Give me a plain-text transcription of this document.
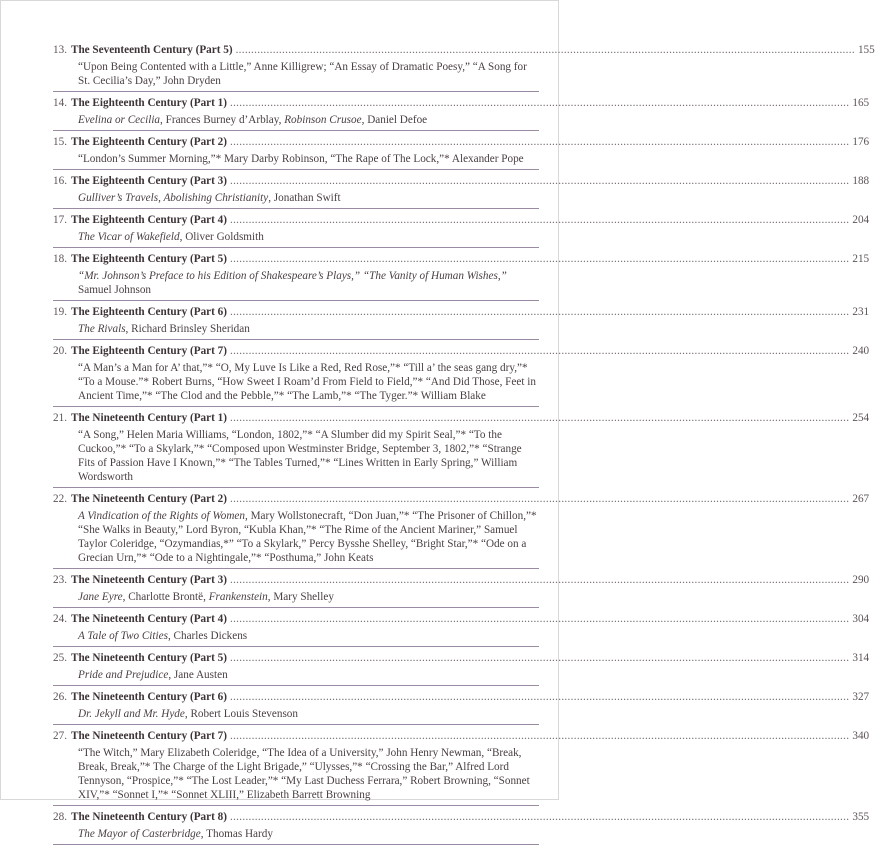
13. The Seventeenth Century (Part 5) ........................................................................................................................................................................................................ 155
“Upon Being Contented with a Little,” Anne Killigrew; “An Essay of Dramatic Poesy,” “A Song for St. Cecilia’s Day,” John Dryden
14. The Eighteenth Century (Part 1) ........................................................................................................................................................................................................ 165
Evelina or Cecilia, Frances Burney d’Arblay, Robinson Crusoe, Daniel Defoe
15. The Eighteenth Century (Part 2) ........................................................................................................................................................................................................ 176
“London’s Summer Morning,”* Mary Darby Robinson, “The Rape of The Lock,”* Alexander Pope
16. The Eighteenth Century (Part 3) ........................................................................................................................................................................................................ 188
Gulliver’s Travels, Abolishing Christianity, Jonathan Swift
17. The Eighteenth Century (Part 4) ........................................................................................................................................................................................................ 204
The Vicar of Wakefield, Oliver Goldsmith
18. The Eighteenth Century (Part 5) ........................................................................................................................................................................................................ 215
“Mr. Johnson’s Preface to his Edition of Shakespeare’s Plays,” “The Vanity of Human Wishes,” Samuel Johnson
19. The Eighteenth Century (Part 6) ........................................................................................................................................................................................................ 231
The Rivals, Richard Brinsley Sheridan
20. The Eighteenth Century (Part 7) ........................................................................................................................................................................................................ 240
“A Man’s a Man for A’ that,”* “O, My Luve Is Like a Red, Red Rose,”* “Till a’ the seas gang dry,”* “To a Mouse.”* Robert Burns, “How Sweet I Roam’d From Field to Field,”* “And Did Those, Feet in Ancient Time,”* “The Clod and the Pebble,”* “The Lamb,”* “The Tyger.”* William Blake
21. The Nineteenth Century (Part 1) ........................................................................................................................................................................................................ 254
“A Song,” Helen Maria Williams, “London, 1802,”* “A Slumber did my Spirit Seal,”* “To the Cuckoo,”* “To a Skylark,”* “Composed upon Westminster Bridge, September 3, 1802,”* “Strange Fits of Passion Have I Known,”* “The Tables Turned,”* “Lines Written in Early Spring,” William Wordsworth
22. The Nineteenth Century (Part 2) ........................................................................................................................................................................................................ 267
A Vindication of the Rights of Women, Mary Wollstonecraft, “Don Juan,”* “The Prisoner of Chillon,”* “She Walks in Beauty,” Lord Byron, “Kubla Khan,”* “The Rime of the Ancient Mariner,” Samuel Taylor Coleridge, “Ozymandias,*” “To a Skylark,” Percy Bysshe Shelley, “Bright Star,”* “Ode on a Grecian Urn,”* “Ode to a Nightingale,”* “Posthuma,” John Keats
23. The Nineteenth Century (Part 3) ........................................................................................................................................................................................................ 290
Jane Eyre, Charlotte Brontë, Frankenstein, Mary Shelley
24. The Nineteenth Century (Part 4) ........................................................................................................................................................................................................ 304
A Tale of Two Cities, Charles Dickens
25. The Nineteenth Century (Part 5) ........................................................................................................................................................................................................ 314
Pride and Prejudice, Jane Austen
26. The Nineteenth Century (Part 6) ........................................................................................................................................................................................................ 327
Dr. Jekyll and Mr. Hyde, Robert Louis Stevenson
27. The Nineteenth Century (Part 7) ........................................................................................................................................................................................................ 340
“The Witch,” Mary Elizabeth Coleridge, “The Idea of a University,” John Henry Newman, “Break, Break, Break,”* The Charge of the Light Brigade,” “Ulysses,”* “Crossing the Bar,” Alfred Lord Tennyson, “Prospice,”* “The Lost Leader,”* “My Last Duchess Ferrara,” Robert Browning, “Sonnet XIV,”* “Sonnet I,”* “Sonnet XLIII,” Elizabeth Barrett Browning
28. The Nineteenth Century (Part 8) ........................................................................................................................................................................................................ 355
The Mayor of Casterbridge, Thomas Hardy
